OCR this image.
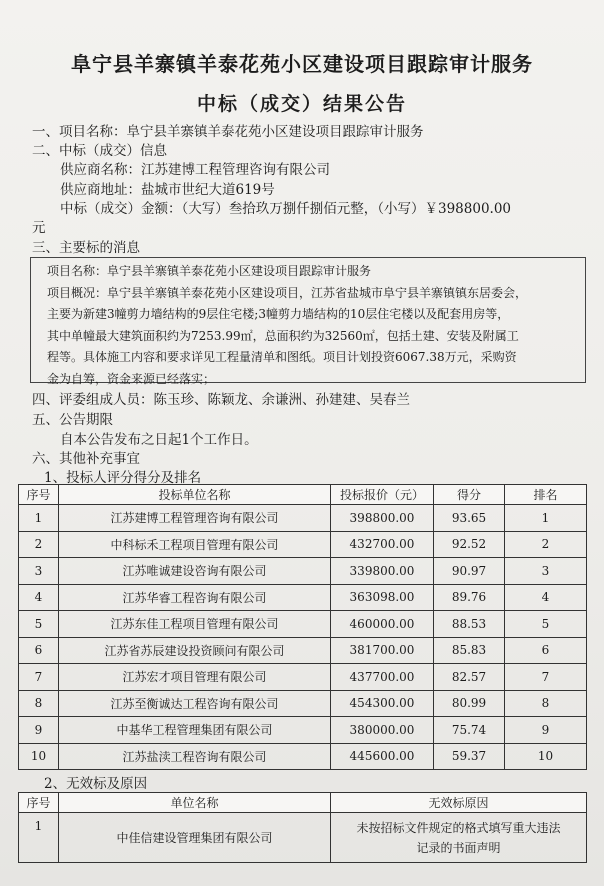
阜宁县羊寨镇羊泰花苑小区建设项目跟踪审计服务
中标（成交）结果公告
一、项目名称：阜宁县羊寨镇羊泰花苑小区建设项目跟踪审计服务
二、中标（成交）信息
供应商名称：江苏建博工程管理咨询有限公司
供应商地址：盐城市世纪大道619号
中标（成交）金额：（大写）叁拾玖万捌仟捌佰元整，（小写）￥398800.00
元
三、主要标的消息

项目名称：阜宁县羊寨镇羊泰花苑小区建设项目跟踪审计服务

项目概况：阜宁县羊寨镇羊泰花苑小区建设项目，江苏省盐城市阜宁县羊寨镇镇东居委会，

主要为新建3幢剪力墙结构的9层住宅楼;3幢剪力墙结构的10层住宅楼以及配套用房等，

其中单幢最大建筑面积约为7253.99㎡，总面积约为32560㎡，包括土建、安装及附属工

程等。具体施工内容和要求详见工程量清单和图纸。项目计划投资6067.38万元，采购资

金为自筹，资金来源已经落实；

四、评委组成人员：陈玉珍、陈颖龙、余谦洲、孙建建、吴春兰
五、公告期限
自本公告发布之日起1个工作日。
六、其他补充事宜
1、投标人评分得分及排名
序号	投标单位名称	投标报价（元）	得分	排名
1	江苏建博工程管理咨询有限公司	398800.00	93.65	1
2	中科标禾工程项目管理有限公司	432700.00	92.52	2
3	江苏唯诚建设咨询有限公司	339800.00	90.97	3
4	江苏华睿工程咨询有限公司	363098.00	89.76	4
5	江苏东佳工程项目管理有限公司	460000.00	88.53	5
6	江苏省苏辰建设投资顾问有限公司	381700.00	85.83	6
7	江苏宏才项目管理有限公司	437700.00	82.57	7
8	江苏至衡诚达工程咨询有限公司	454300.00	80.99	8
9	中基华工程管理集团有限公司	380000.00	75.74	9
10	江苏盐渎工程咨询有限公司	445600.00	59.37	10
2、无效标及原因
序号	单位名称	无效标原因
1	中佳信建设管理集团有限公司	未按招标文件规定的格式填写重大违法
记录的书面声明
